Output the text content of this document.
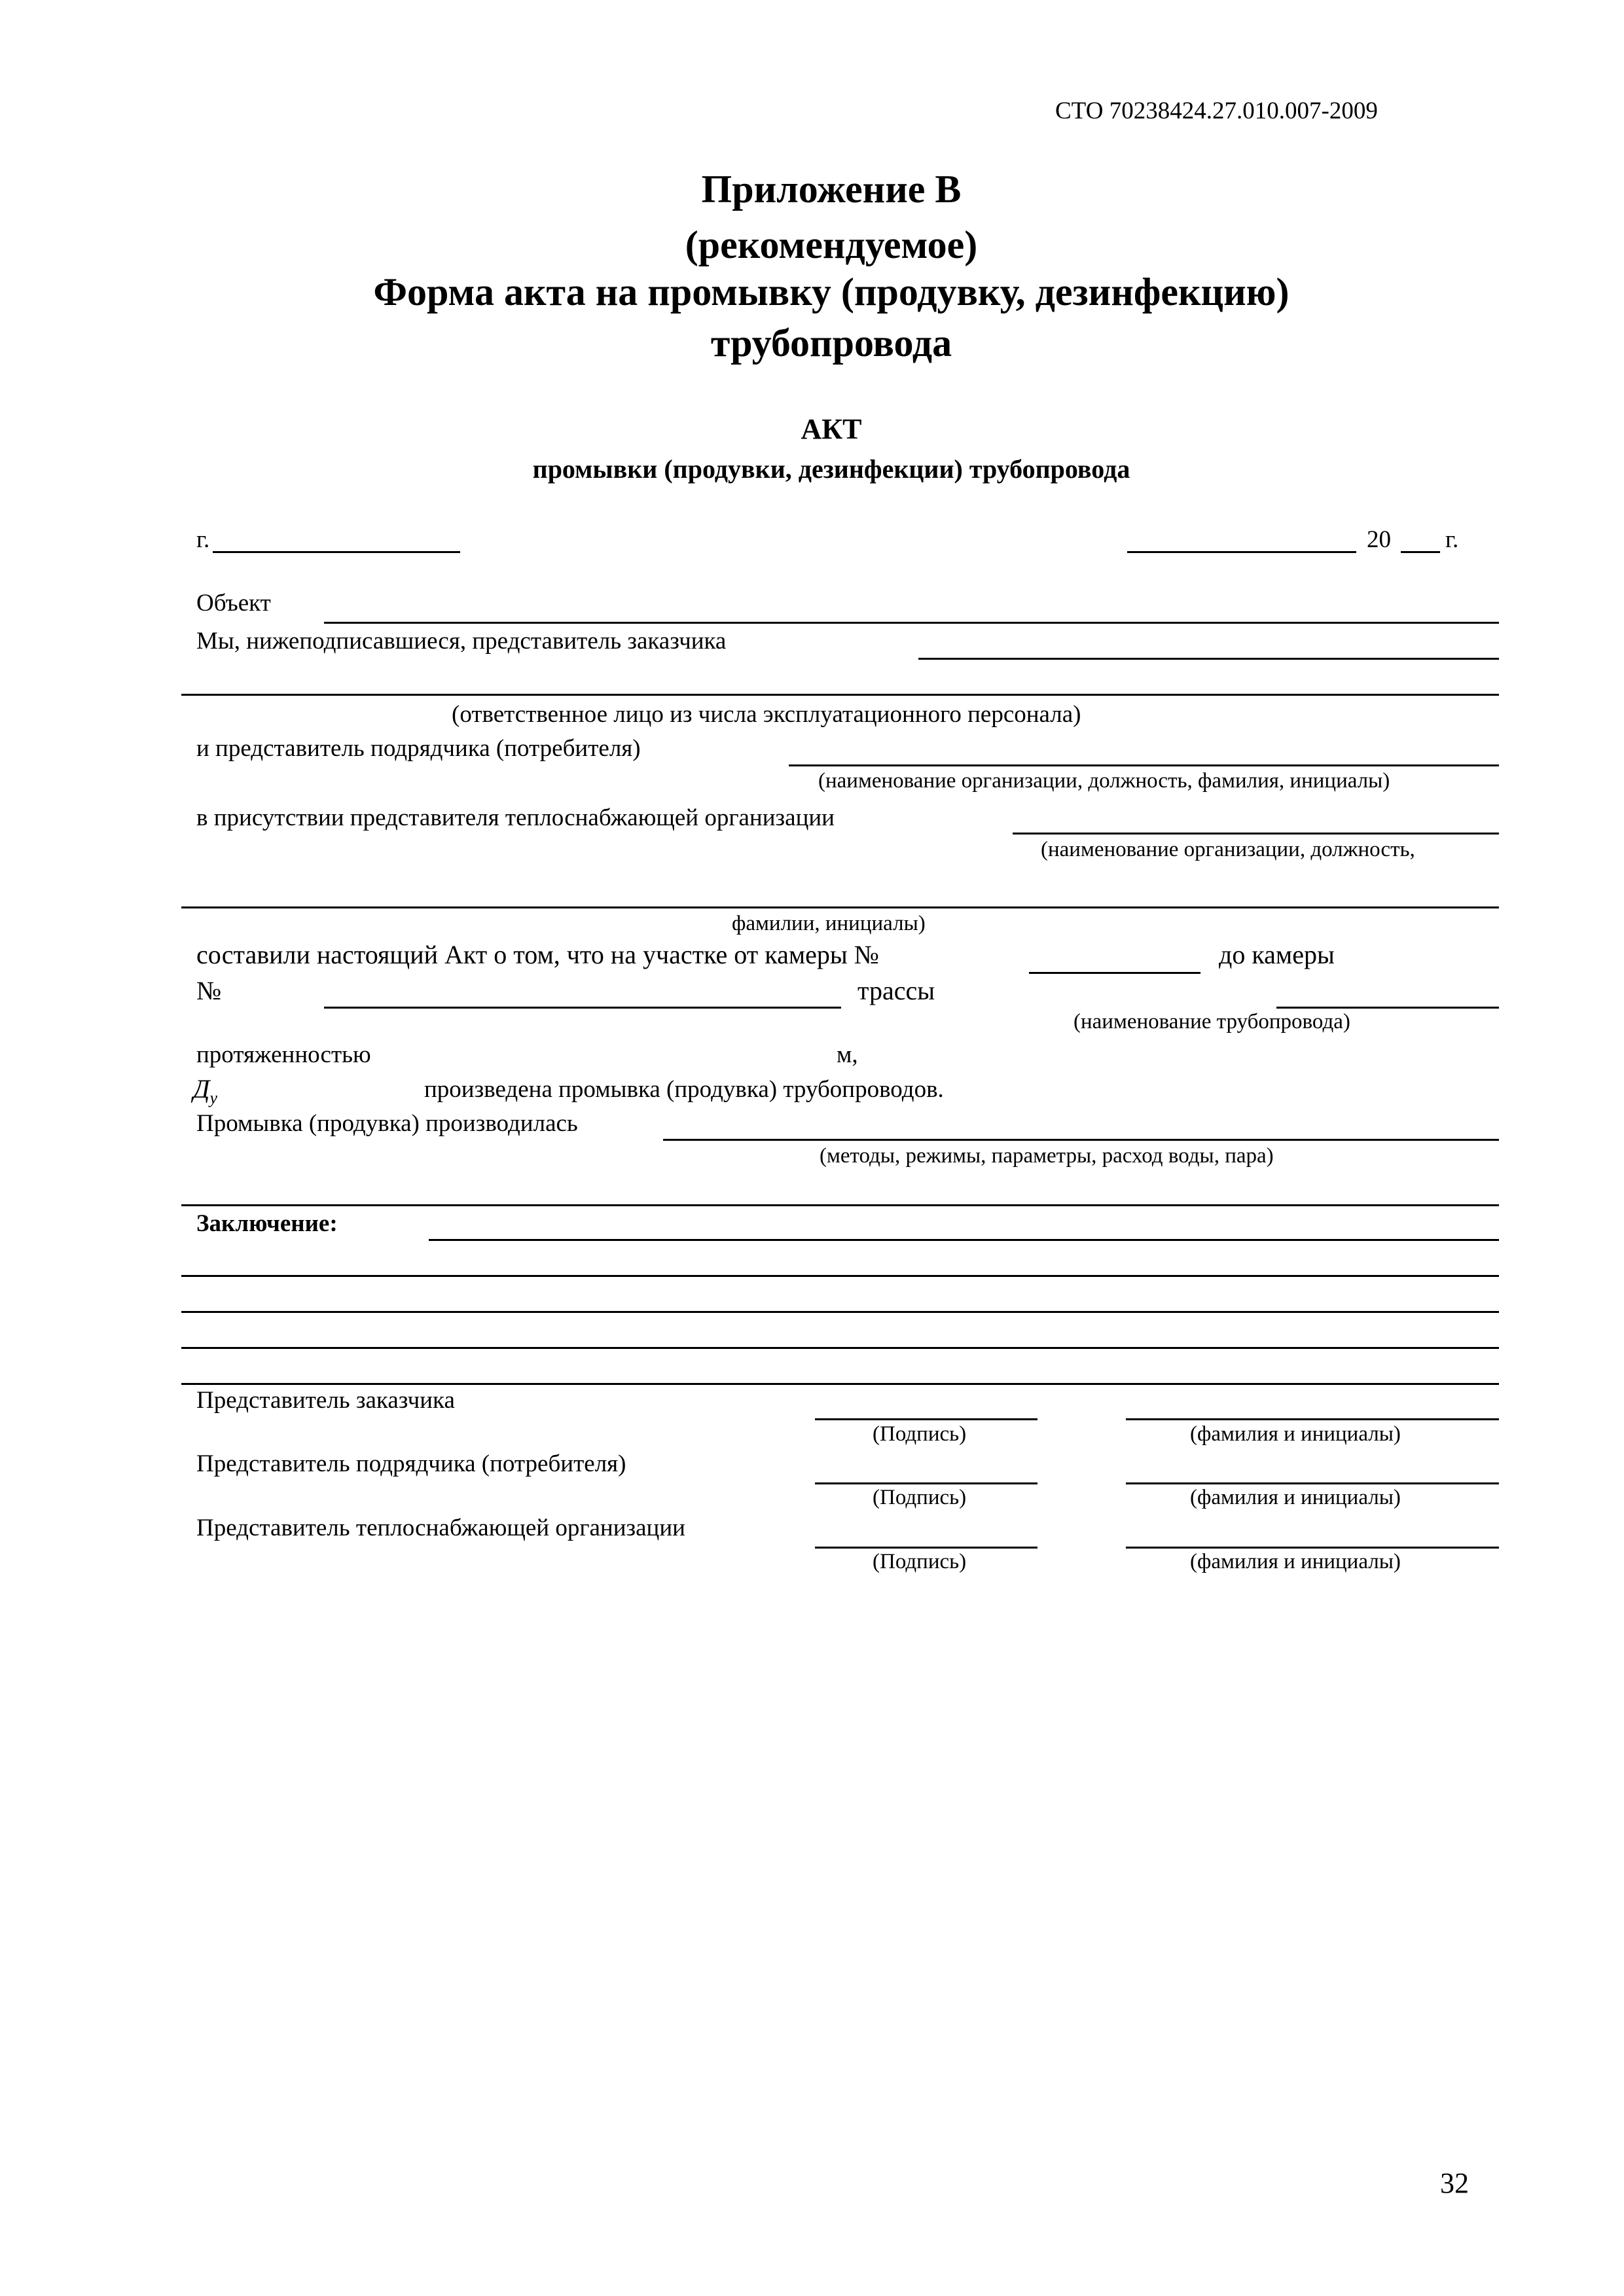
СТО 70238424.27.010.007-2009
Приложение В
(рекомендуемое)
Форма акта на промывку (продувку, дезинфекцию)
трубопровода
АКТ
промывки (продувки, дезинфекции) трубопровода
г.	20 г.
Объект
Мы, нижеподписавшиеся, представитель заказчика
(ответственное лицо из числа эксплуатационного персонала)
и представитель подрядчика (потребителя)
(наименование организации, должность, фамилия, инициалы)
в присутствии представителя теплоснабжающей организации
(наименование организации, должность,
фамилии, инициалы)
составили настоящий Акт о том, что на участке от камеры №	до камеры
№	трассы
(наименование трубопровода)
протяженностью	м,
$Д_у$	произведена промывка (продувка) трубопроводов.
Промывка (продувка) производилась
(методы, режимы, параметры, расход воды, пара)
Заключение:
Представитель заказчика
(Подпись)	(фамилия и инициалы)
Представитель подрядчика (потребителя)
(Подпись)	(фамилия и инициалы)
Представитель теплоснабжающей организации
(Подпись)	(фамилия и инициалы)
32
